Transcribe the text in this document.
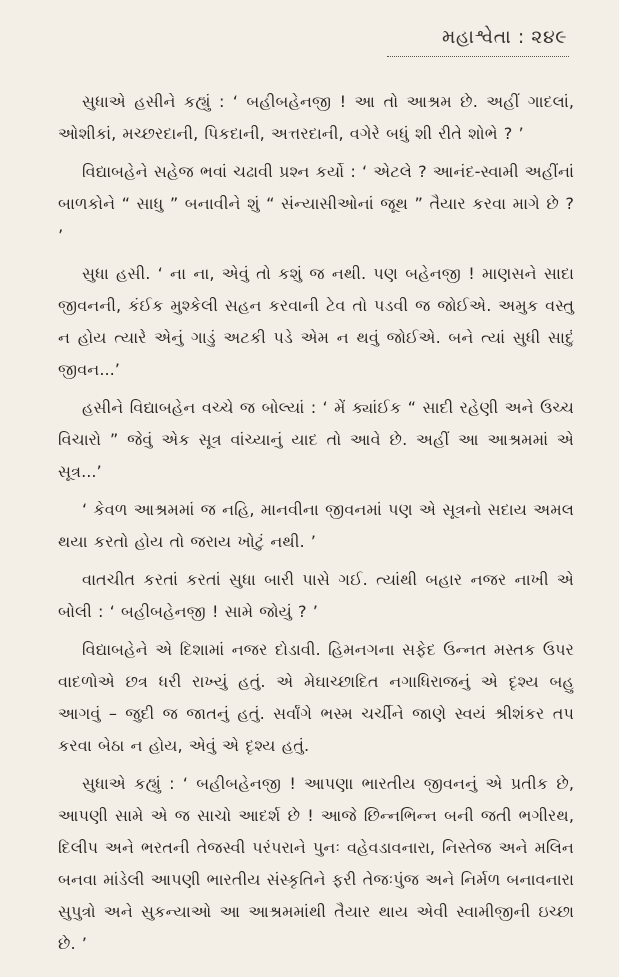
મહાશ્વેતા : ૨૪૯

સુધાએ હસીને કહ્યું : ‘ બહીબહેનજી ! આ તો આશ્રમ છે. અહીં ગાદલાં, ઓશીકાં, મચ્છરદાની, પિકદાની, અત્તરદાની, વગેરે બધું શી રીતે શોભે ? ’

વિદ્યાબહેને સહેજ ભવાં ચઢાવી પ્રશ્ન કર્યો : ‘ એટલે ? આનંદ-સ્વામી અહીંનાં બાળકોને “ સાધુ ” બનાવીને શું “ સંન્યાસીઓનાં જૂથ ” તૈયાર કરવા માગે છે ? ’

સુધા હસી. ‘ ના ના, એવું તો કશું જ નથી. પણ બહેનજી ! માણસને સાદા જીવનની, કંઈક મુશ્કેલી સહન કરવાની ટેવ તો પડવી જ જોઈએ. અમુક વસ્તુ ન હોય ત્યારે એનું ગાડું અટકી પડે એમ ન થવું જોઈએ. બને ત્યાં સુધી સાદું જીવન...’

હસીને વિદ્યાબહેન વચ્ચે જ બોલ્યાં : ‘ મેં ક્યાંઈક “ સાદી રહેણી અને ઉચ્ચ વિચારો ” જેવું એક સૂત્ર વાંચ્યાનું યાદ તો આવે છે. અહીં આ આશ્રમમાં એ સૂત્ર...’

‘ કેવળ આશ્રમમાં જ નહિ, માનવીના જીવનમાં પણ એ સૂત્રનો સદાય અમલ થયા કરતો હોય તો જરાય ખોટું નથી. ’

વાતચીત કરતાં કરતાં સુધા બારી પાસે ગઈ. ત્યાંથી બહાર નજર નાખી એ બોલી : ‘ બહીબહેનજી ! સામે જોયું ? ’

વિદ્યાબહેને એ દિશામાં નજર દોડાવી. હિમનગના સફેદ ઉન્નત મસ્તક ઉપર વાદળોએ છત્ર ધરી રાખ્યું હતું. એ મેઘાચ્છાદિત નગાધિરાજનું એ દૃશ્ય બહુ આગવું – જુદી જ જાતનું હતું. સર્વાંગે ભસ્મ ચર્ચીને જાણે સ્વયં શ્રીશંકર તપ કરવા બેઠા ન હોય, એવું એ દૃશ્ય હતું.

સુધાએ કહ્યું : ‘ બહીબહેનજી ! આપણા ભારતીય જીવનનું એ પ્રતીક છે, આપણી સામે એ જ સાચો આદર્શ છે ! આજે છિન્નભિન્ન બની જતી ભગીરથ, દિલીપ અને ભરતની તેજસ્વી પરંપરાને પુનઃ વહેવડાવનારા, નિસ્તેજ અને મલિન બનવા માંડેલી આપણી ભારતીય સંસ્કૃતિને ફરી તેજઃપુંજ અને નિર્મળ બનાવનારા સુપુત્રો અને સુકન્યાઓ આ આશ્રમમાંથી તૈયાર થાય એવી સ્વામીજીની ઇચ્છા છે. ’
